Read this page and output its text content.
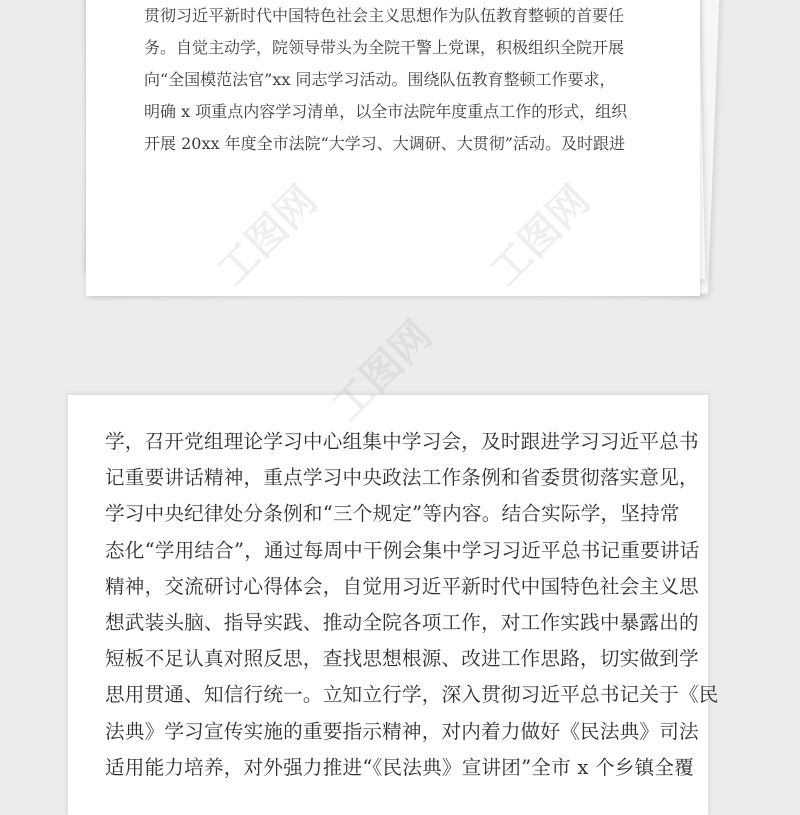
贯彻习近平新时代中国特色社会主义思想作为队伍教育整顿的首要任
务。自觉主动学，院领导带头为全院干警上党课，积极组织全院开展
向“全国模范法官”xx 同志学习活动。围绕队伍教育整顿工作要求，
明确 x 项重点内容学习清单，以全市法院年度重点工作的形式，组织
开展 20xx 年度全市法院“大学习、大调研、大贯彻”活动。及时跟进
学，召开党组理论学习中心组集中学习会，及时跟进学习习近平总书
记重要讲话精神，重点学习中央政法工作条例和省委贯彻落实意见，
学习中央纪律处分条例和“三个规定”等内容。结合实际学，坚持常
态化“学用结合”，通过每周中干例会集中学习习近平总书记重要讲话
精神，交流研讨心得体会，自觉用习近平新时代中国特色社会主义思
想武装头脑、指导实践、推动全院各项工作，对工作实践中暴露出的
短板不足认真对照反思，查找思想根源、改进工作思路，切实做到学
思用贯通、知信行统一。立知立行学，深入贯彻习近平总书记关于《民
法典》学习宣传实施的重要指示精神，对内着力做好《民法典》司法
适用能力培养，对外强力推进“《民法典》宣讲团”全市 x 个乡镇全覆
工图网
